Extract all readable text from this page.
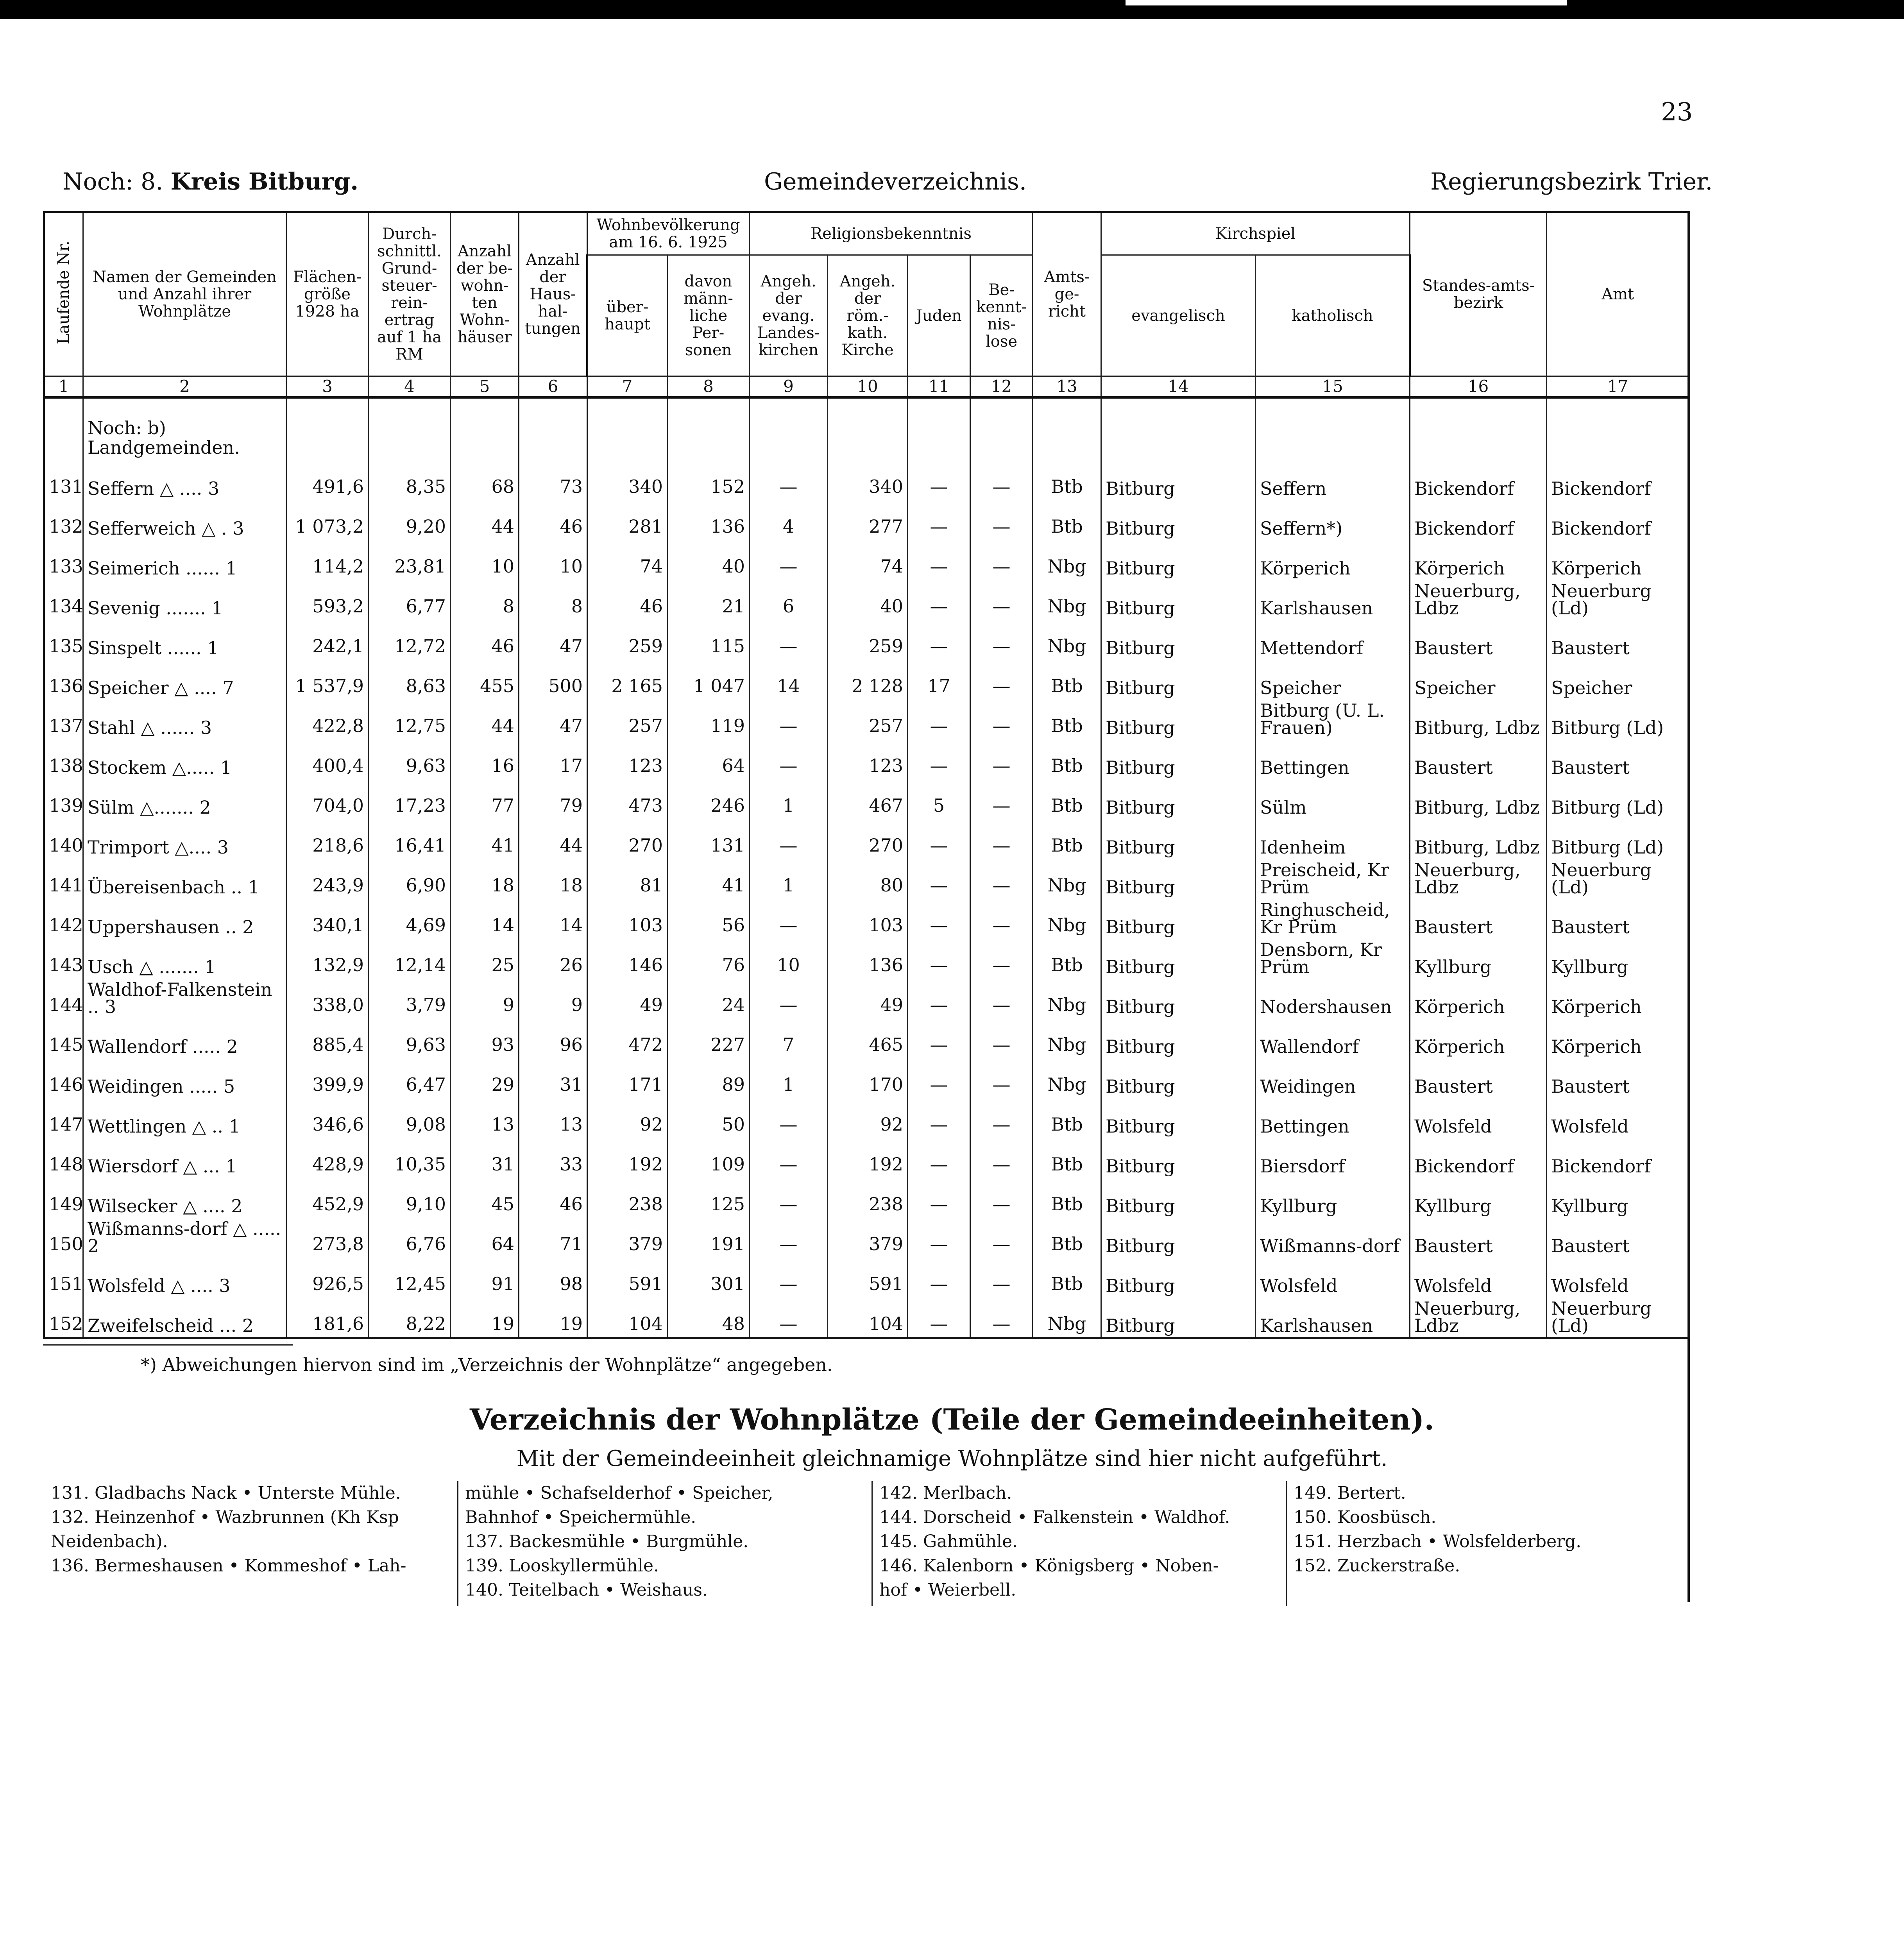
23
Noch: 8. Kreis Bitburg.	Gemeindeverzeichnis.	Regierungsbezirk Trier.
Laufende Nr.	Namen der Gemeinden und Anzahl ihrer Wohnplätze	Flächen-größe 1928 ha	Durch-schnittl. Grund-steuer-rein-ertrag auf 1 ha RM	Anzahl der be-wohn-ten Wohn-häuser	Anzahl der Haus-hal-tungen	Wohnbevölkerung am 16. 6. 1925		Religionsbekenntnis				Amts-ge-richt	Kirchspiel		Standes-amts-bezirk	Amt
						über-haupt	davon männ-liche Per-sonen	Angeh. der evang. Landes-kirchen	Angeh. der röm.-kath. Kirche	Juden	Be-kennt-nis-lose		evangelisch	katholisch		
1	2	3	4	5	6	7	8	9	10	11	12	13	14	15	16	17
	Noch: b) Landgemeinden.															
131	Seffern △ .... 3	491,6	8,35	68	73	340	152	—	340	—	—	Btb	Bitburg	Seffern	Bickendorf	Bickendorf
132	Sefferweich △ . 3	1 073,2	9,20	44	46	281	136	4	277	—	—	Btb	Bitburg	Seffern*)	Bickendorf	Bickendorf
133	Seimerich ...... 1	114,2	23,81	10	10	74	40	—	74	—	—	Nbg	Bitburg	Körperich	Körperich	Körperich
134	Sevenig ....... 1	593,2	6,77	8	8	46	21	6	40	—	—	Nbg	Bitburg	Karlshausen	Neuerburg, Ldbz	Neuerburg (Ld)
135	Sinspelt ...... 1	242,1	12,72	46	47	259	115	—	259	—	—	Nbg	Bitburg	Mettendorf	Baustert	Baustert
136	Speicher △ .... 7	1 537,9	8,63	455	500	2 165	1 047	14	2 128	17	—	Btb	Bitburg	Speicher	Speicher	Speicher
137	Stahl △ ...... 3	422,8	12,75	44	47	257	119	—	257	—	—	Btb	Bitburg	Bitburg (U. L. Frauen)	Bitburg, Ldbz	Bitburg (Ld)
138	Stockem △..... 1	400,4	9,63	16	17	123	64	—	123	—	—	Btb	Bitburg	Bettingen	Baustert	Baustert
139	Sülm △....... 2	704,0	17,23	77	79	473	246	1	467	5	—	Btb	Bitburg	Sülm	Bitburg, Ldbz	Bitburg (Ld)
140	Trimport △.... 3	218,6	16,41	41	44	270	131	—	270	—	—	Btb	Bitburg	Idenheim	Bitburg, Ldbz	Bitburg (Ld)
141	Übereisenbach .. 1	243,9	6,90	18	18	81	41	1	80	—	—	Nbg	Bitburg	Preischeid, Kr Prüm	Neuerburg, Ldbz	Neuerburg (Ld)
142	Uppershausen .. 2	340,1	4,69	14	14	103	56	—	103	—	—	Nbg	Bitburg	Ringhuscheid, Kr Prüm	Baustert	Baustert
143	Usch △ ....... 1	132,9	12,14	25	26	146	76	10	136	—	—	Btb	Bitburg	Densborn, Kr Prüm	Kyllburg	Kyllburg
144	Waldhof-Falkenstein .. 3	338,0	3,79	9	9	49	24	—	49	—	—	Nbg	Bitburg	Nodershausen	Körperich	Körperich
145	Wallendorf ..... 2	885,4	9,63	93	96	472	227	7	465	—	—	Nbg	Bitburg	Wallendorf	Körperich	Körperich
146	Weidingen ..... 5	399,9	6,47	29	31	171	89	1	170	—	—	Nbg	Bitburg	Weidingen	Baustert	Baustert
147	Wettlingen △ .. 1	346,6	9,08	13	13	92	50	—	92	—	—	Btb	Bitburg	Bettingen	Wolsfeld	Wolsfeld
148	Wiersdorf △ ... 1	428,9	10,35	31	33	192	109	—	192	—	—	Btb	Bitburg	Biersdorf	Bickendorf	Bickendorf
149	Wilsecker △ .... 2	452,9	9,10	45	46	238	125	—	238	—	—	Btb	Bitburg	Kyllburg	Kyllburg	Kyllburg
150	Wißmanns-dorf △ ..... 2	273,8	6,76	64	71	379	191	—	379	—	—	Btb	Bitburg	Wißmanns-dorf	Baustert	Baustert
151	Wolsfeld △ .... 3	926,5	12,45	91	98	591	301	—	591	—	—	Btb	Bitburg	Wolsfeld	Wolsfeld	Wolsfeld
152	Zweifelscheid ... 2	181,6	8,22	19	19	104	48	—	104	—	—	Nbg	Bitburg	Karlshausen	Neuerburg, Ldbz	Neuerburg (Ld)
*) Abweichungen hiervon sind im „Verzeichnis der Wohnplätze“ angegeben.
Verzeichnis der Wohnplätze (Teile der Gemeindeeinheiten).
Mit der Gemeindeeinheit gleichnamige Wohnplätze sind hier nicht aufgeführt.
131. Gladbachs Nack • Unterste Mühle.
132. Heinzenhof • Wazbrunnen (Kh Ksp
Neidenbach).
136. Bermeshausen • Kommeshof • Lah-
mühle • Schafselderhof • Speicher,
Bahnhof • Speichermühle.
137. Backesmühle • Burgmühle.
139. Looskyllermühle.
140. Teitelbach • Weishaus.
142. Merlbach.
144. Dorscheid • Falkenstein • Waldhof.
145. Gahmühle.
146. Kalenborn • Königsberg • Noben-
hof • Weierbell.
149. Bertert.
150. Koosbüsch.
151. Herzbach • Wolsfelderberg.
152. Zuckerstraße.
